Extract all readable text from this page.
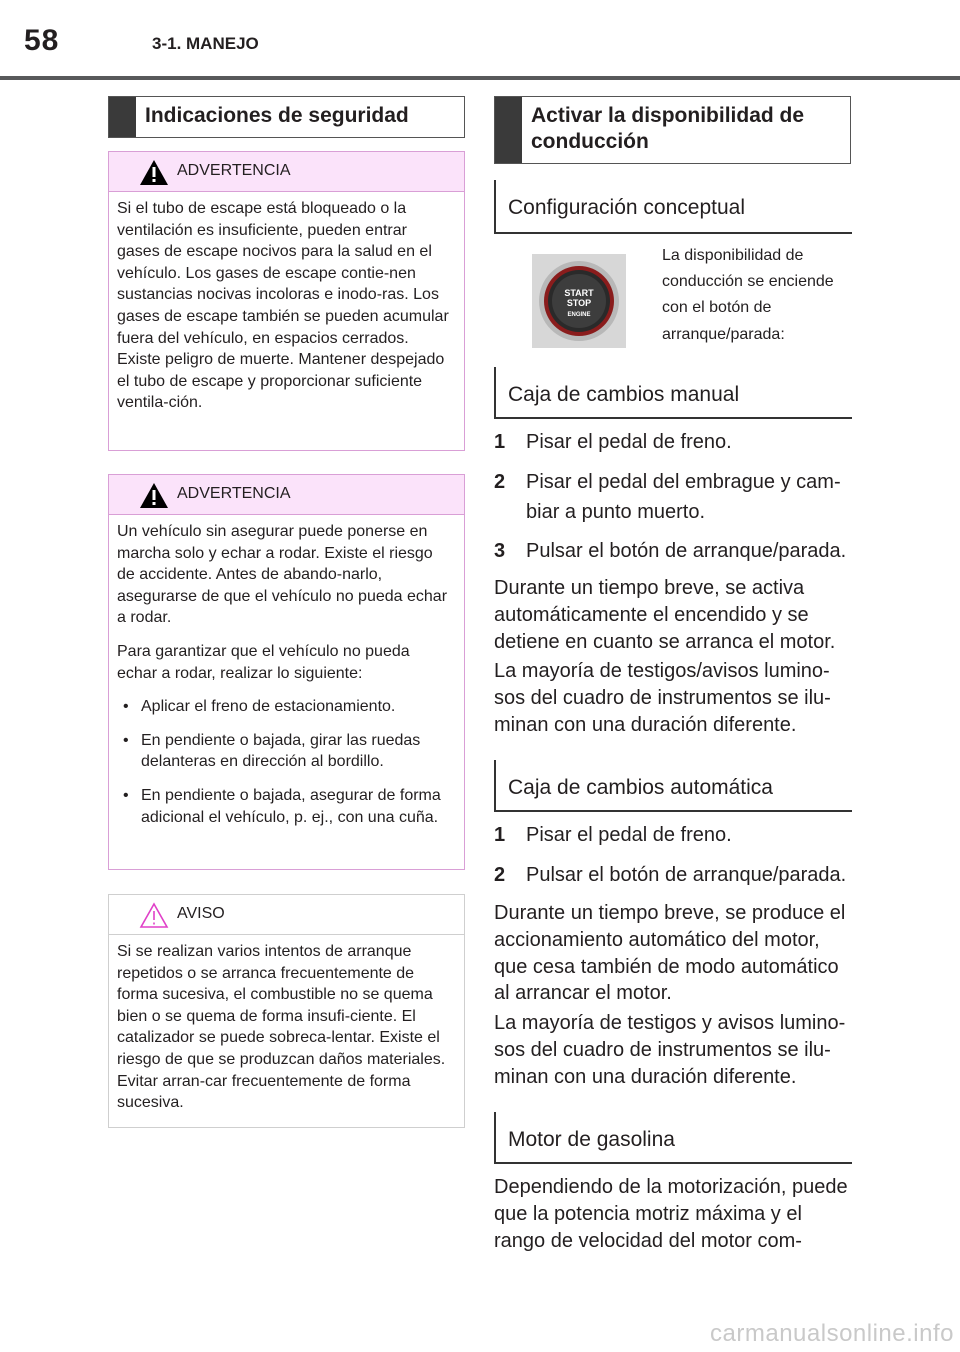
58	3-1. MANEJO
Indicaciones de seguridad
ADVERTENCIA

Si el tubo de escape está bloqueado o la ventilación es insuficiente, pueden entrar gases de escape nocivos para la salud en el vehículo. Los gases de escape contie-nen sustancias nocivas incoloras e inodo-ras. Los gases de escape también se pueden acumular fuera del vehículo, en espacios cerrados. Existe peligro de muerte. Mantener despejado el tubo de escape y proporcionar suficiente ventila-ción.

ADVERTENCIA

Un vehículo sin asegurar puede ponerse en marcha solo y echar a rodar. Existe el riesgo de accidente. Antes de abando-narlo, asegurarse de que el vehículo no pueda echar a rodar.

Para garantizar que el vehículo no pueda echar a rodar, realizar lo siguiente:

• Aplicar el freno de estacionamiento.
• En pendiente o bajada, girar las ruedas delanteras en dirección al bordillo.
• En pendiente o bajada, asegurar de forma adicional el vehículo, p. ej., con una cuña.
AVISO
Si se realizan varios intentos de arranque repetidos o se arranca frecuentemente de forma sucesiva, el combustible no se quema bien o se quema de forma insufi-ciente. El catalizador se puede sobreca-lentar. Existe el riesgo de que se produzcan daños materiales. Evitar arran-car frecuentemente de forma sucesiva.
Activar la disponibilidad de conducción
Configuración conceptual
START
STOP
ENGINE
La disponibilidad de conducción se enciende con el botón de arranque/parada:
Caja de cambios manual
1	Pisar el pedal de freno.
2	Pisar el pedal del embrague y cam-biar a punto muerto.
3	Pulsar el botón de arranque/parada.
Durante un tiempo breve, se activa automáticamente el encendido y se detiene en cuanto se arranca el motor.
La mayoría de testigos/avisos lumino-sos del cuadro de instrumentos se ilu-minan con una duración diferente.
Caja de cambios automática
1	Pisar el pedal de freno.
2	Pulsar el botón de arranque/parada.
Durante un tiempo breve, se produce el accionamiento automático del motor, que cesa también de modo automático al arrancar el motor.
La mayoría de testigos y avisos lumino-sos del cuadro de instrumentos se ilu-minan con una duración diferente.
Motor de gasolina
Dependiendo de la motorización, puede que la potencia motriz máxima y el rango de velocidad del motor com-
carmanualsonline.info
